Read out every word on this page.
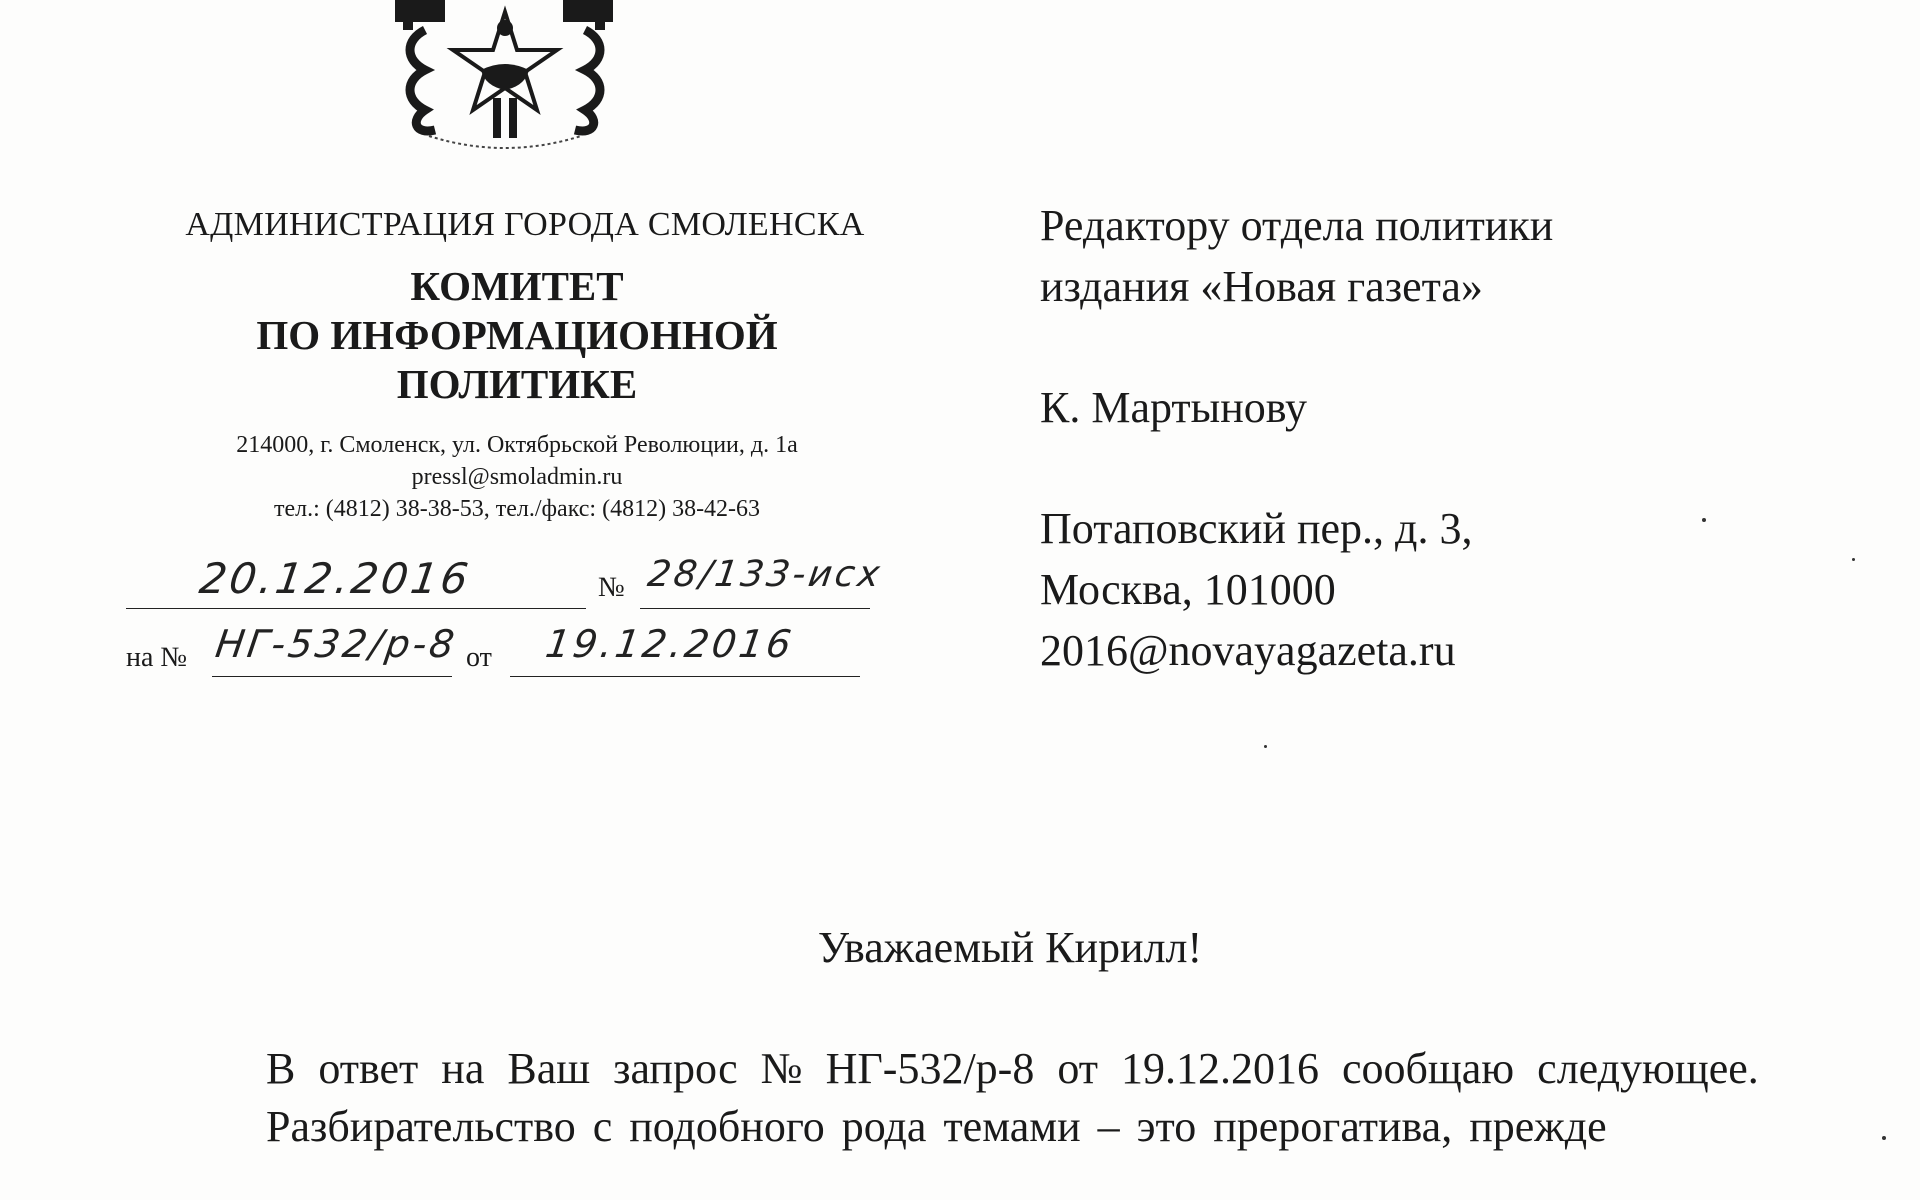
АДМИНИСТРАЦИЯ ГОРОДА СМОЛЕНСКА
КОМИТЕТ
ПО ИНФОРМАЦИОННОЙ
ПОЛИТИКЕ
214000, г. Смоленск, ул. Октябрьской Революции, д. 1а
pressl@smoladmin.ru
тел.: (4812) 38-38-53, тел./факс: (4812) 38-42-63
20.12.2016	№ 28/133-исх
на № НГ-532/р-8 от 19.12.2016
Редактору отдела политики
издания «Новая газета»
К. Мартынову
Потаповский пер., д. 3,
Москва, 101000
2016@novayagazeta.ru
Уважаемый Кирилл!

В ответ на Ваш запрос № НГ-532/р-8 от 19.12.2016 сообщаю следующее.

Разбирательство с подобного рода темами – это прерогатива, прежде
